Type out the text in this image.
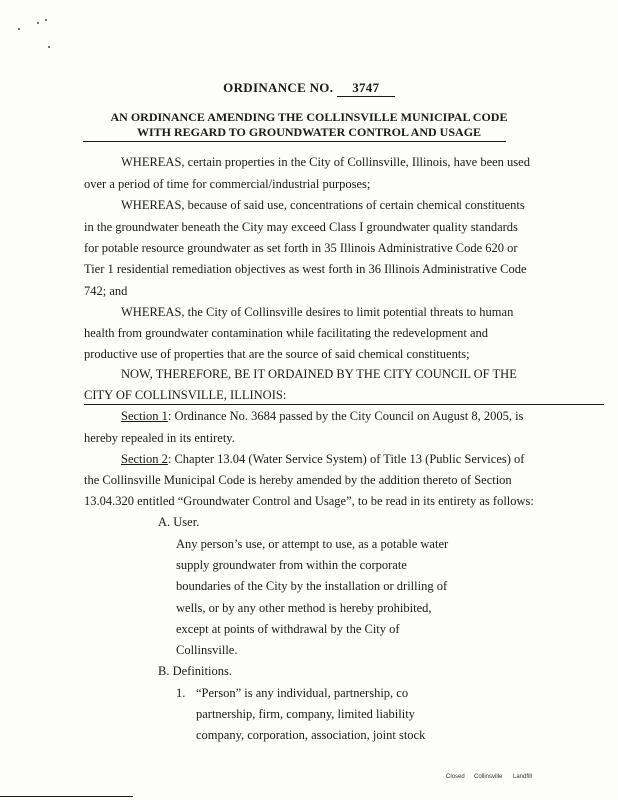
ORDINANCE NO. 3747
AN ORDINANCE AMENDING THE COLLINSVILLE MUNICIPAL CODE
WITH REGARD TO GROUNDWATER CONTROL AND USAGE
WHEREAS, certain properties in the City of Collinsville, Illinois, have been used
over a period of time for commercial/industrial purposes;
WHEREAS, because of said use, concentrations of certain chemical constituents
in the groundwater beneath the City may exceed Class I groundwater quality standards
for potable resource groundwater as set forth in 35 Illinois Administrative Code 620 or
Tier 1 residential remediation objectives as west forth in 36 Illinois Administrative Code
742; and
WHEREAS, the City of Collinsville desires to limit potential threats to human
health from groundwater contamination while facilitating the redevelopment and
productive use of properties that are the source of said chemical constituents;
NOW, THEREFORE, BE IT ORDAINED BY THE CITY COUNCIL OF THE
CITY OF COLLINSVILLE, ILLINOIS:
Section 1: Ordinance No. 3684 passed by the City Council on August 8, 2005, is
hereby repealed in its entirety.
Section 2: Chapter 13.04 (Water Service System) of Title 13 (Public Services) of
the Collinsville Municipal Code is hereby amended by the addition thereto of Section
13.04.320 entitled “Groundwater Control and Usage”, to be read in its entirety as follows:
A. User.
Any person’s use, or attempt to use, as a potable water
supply groundwater from within the corporate
boundaries of the City by the installation or drilling of
wells, or by any other method is hereby prohibited,
except at points of withdrawal by the City of
Collinsville.
B. Definitions.
1. “Person” is any individual, partnership, co
partnership, firm, company, limited liability
company, corporation, association, joint stock
Closed Collinsville Landfill
